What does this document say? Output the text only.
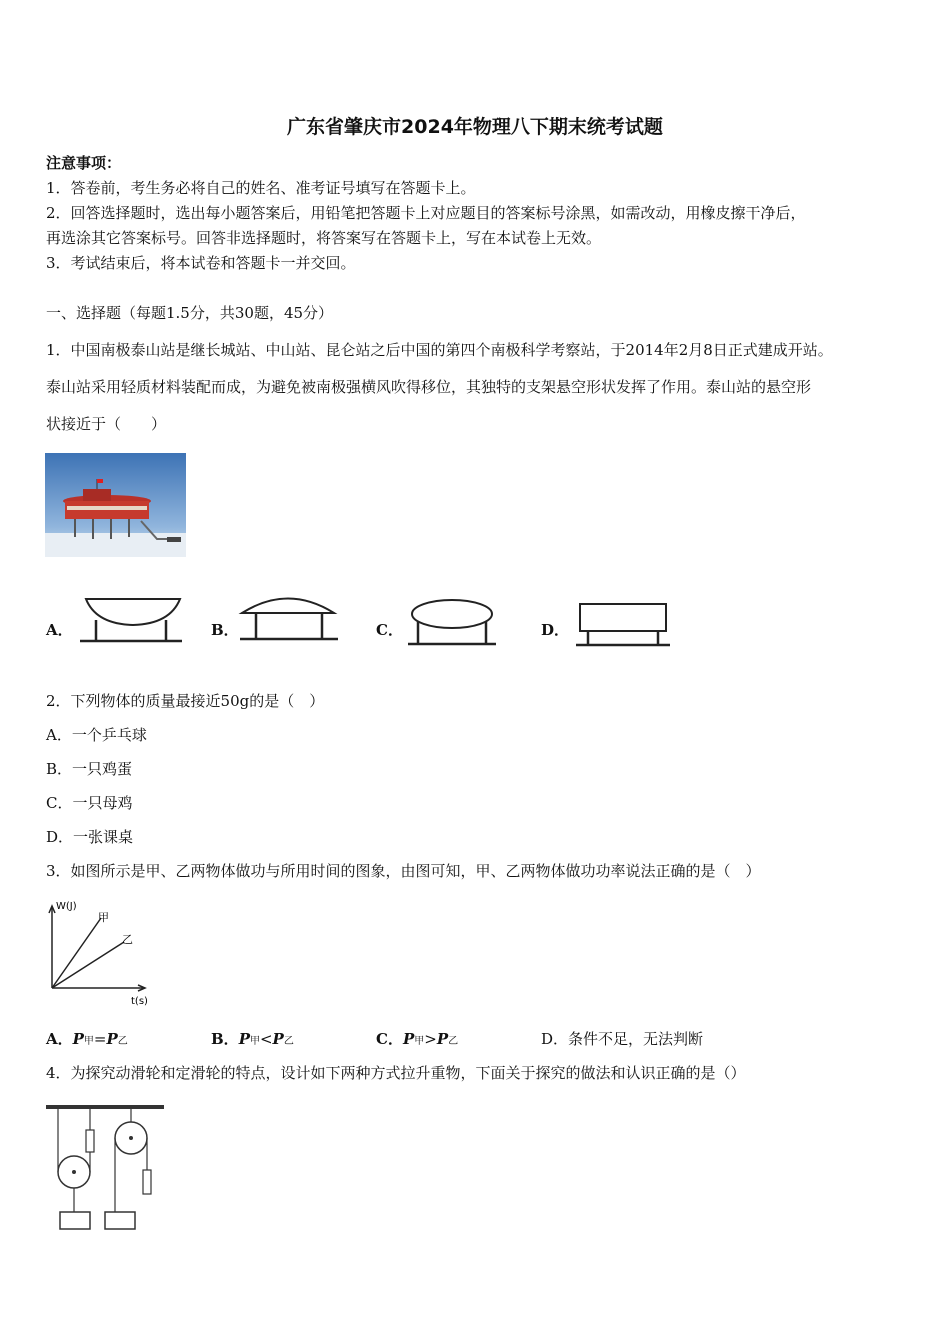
广东省肇庆市2024年物理八下期末统考试题
注意事项：
1．答卷前，考生务必将自己的姓名、准考证号填写在答题卡上。
2．回答选择题时，选出每小题答案后，用铅笔把答题卡上对应题目的答案标号涂黑，如需改动，用橡皮擦干净后，
再选涂其它答案标号。回答非选择题时，将答案写在答题卡上，写在本试卷上无效。
3．考试结束后，将本试卷和答题卡一并交回。
一、选择题（每题1.5分，共30题，45分）
1．中国南极泰山站是继长城站、中山站、昆仑站之后中国的第四个南极科学考察站，于2014年2月8日正式建成开站。
泰山站采用轻质材料装配而成，为避免被南极强横风吹得移位，其独特的支架悬空形状发挥了作用。泰山站的悬空形
状接近于（　　）
A．	B．	C．	D．
2．下列物体的质量最接近50g的是（　）
A．一个乒乓球
B．一只鸡蛋
C．一只母鸡
D．一张课桌
3．如图所示是甲、乙两物体做功与所用时间的图象，由图可知，甲、乙两物体做功功率说法正确的是（　）
W(J)
t(s)
甲
乙
A．P甲=P乙	B．P甲<P乙	C．P甲>P乙	D．条件不足，无法判断
4．为探究动滑轮和定滑轮的特点，设计如下两种方式拉升重物，下面关于探究的做法和认识正确的是（）
